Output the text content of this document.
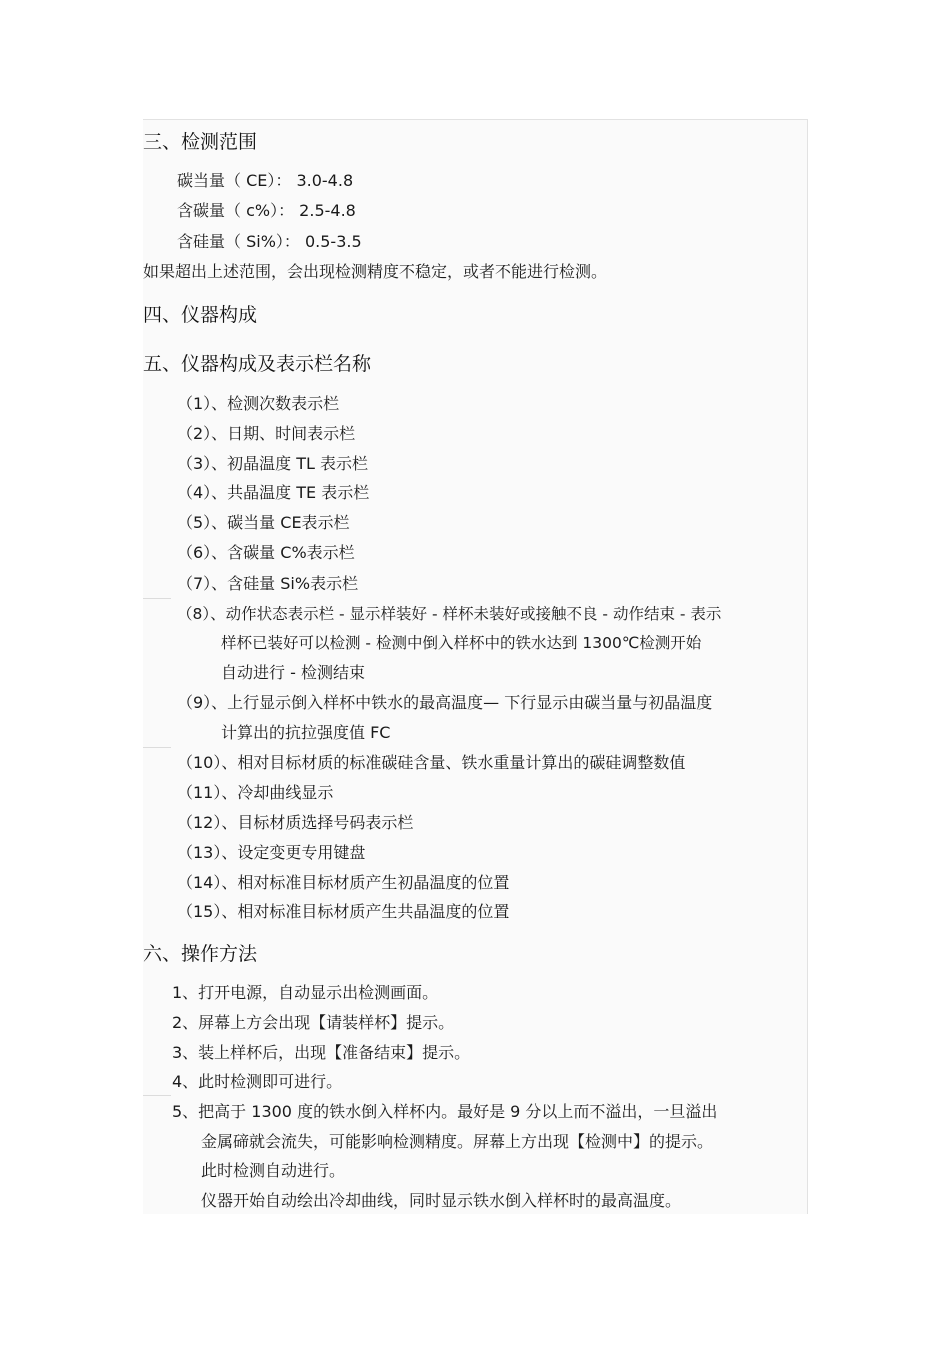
三、检测范围
碳当量（ CE）： 3.0-4.8
含碳量（ c%）： 2.5-4.8
含硅量（ Si%）： 0.5-3.5
如果超出上述范围，会出现检测精度不稳定，或者不能进行检测。
四、仪器构成
五、仪器构成及表示栏名称
（1）、检测次数表示栏
（2）、日期、时间表示栏
（3）、初晶温度 TL 表示栏
（4）、共晶温度 TE 表示栏
（5）、碳当量 CE表示栏
（6）、含碳量 C%表示栏
（7）、含硅量 Si%表示栏
（8）、动作状态表示栏 - 显示样装好 - 样杯未装好或接触不良 - 动作结束 - 表示
样杯已装好可以检测 - 检测中倒入样杯中的铁水达到 1300℃检测开始
自动进行 - 检测结束
（9）、上行显示倒入样杯中铁水的最高温度— 下行显示由碳当量与初晶温度
计算出的抗拉强度值 FC
（10）、相对目标材质的标准碳硅含量、铁水重量计算出的碳硅调整数值
（11）、冷却曲线显示
（12）、目标材质选择号码表示栏
（13）、设定变更专用键盘
（14）、相对标准目标材质产生初晶温度的位置
（15）、相对标准目标材质产生共晶温度的位置
六、操作方法
1、打开电源，自动显示出检测画面。
2、屏幕上方会出现【请装样杯】提示。
3、装上样杯后，出现【准备结束】提示。
4、此时检测即可进行。
5、把高于 1300 度的铁水倒入样杯内。最好是 9 分以上而不溢出，一旦溢出
金属碲就会流失，可能影响检测精度。屏幕上方出现【检测中】的提示。
此时检测自动进行。
仪器开始自动绘出冷却曲线，同时显示铁水倒入样杯时的最高温度。
